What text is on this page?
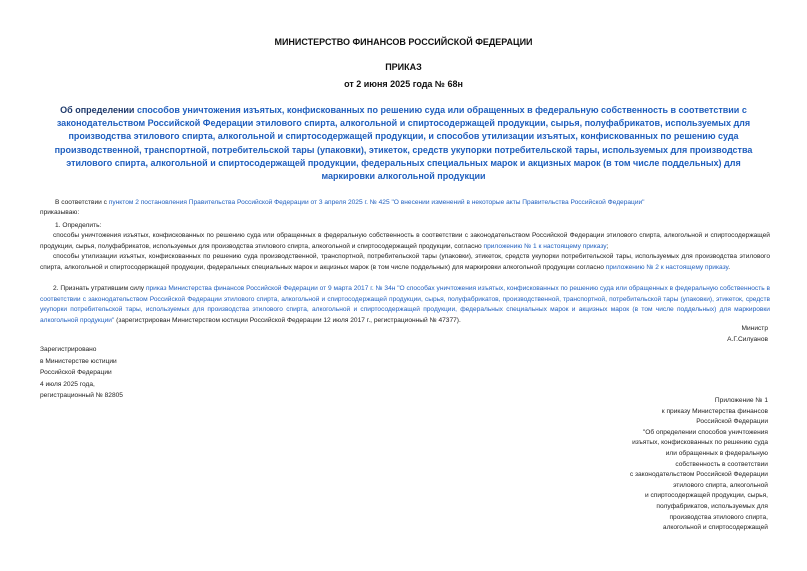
МИНИСТЕРСТВО ФИНАНСОВ РОССИЙСКОЙ ФЕДЕРАЦИИ
ПРИКАЗ
от 2 июня 2025 года № 68н
Об определении способов уничтожения изъятых, конфискованных по решению суда или обращенных в федеральную собственность в соответствии с законодательством Российской Федерации этилового спирта, алкогольной и спиртосодержащей продукции, сырья, полуфабрикатов, используемых для производства этилового спирта, алкогольной и спиртосодержащей продукции, и способов утилизации изъятых, конфискованных по решению суда производственной, транспортной, потребительской тары (упаковки), этикеток, средств укупорки потребительской тары, используемых для производства этилового спирта, алкогольной и спиртосодержащей продукции, федеральных специальных марок и акцизных марок (в том числе поддельных) для маркировки алкогольной продукции
В соответствии с пунктом 2 постановления Правительства Российской Федерации от 3 апреля 2025 г. № 425 "О внесении изменений в некоторые акты Правительства Российской Федерации"
приказываю:
1. Определить:
способы уничтожения изъятых, конфискованных по решению суда или обращенных в федеральную собственность в соответствии с законодательством Российской Федерации этилового спирта, алкогольной и спиртосодержащей продукции, сырья, полуфабрикатов, используемых для производства этилового спирта, алкогольной и спиртосодержащей продукции, согласно приложению № 1 к настоящему приказу;
способы утилизации изъятых, конфискованных по решению суда производственной, транспортной, потребительской тары (упаковки), этикеток, средств укупорки потребительской тары, используемых для производства этилового спирта, алкогольной и спиртосодержащей продукции, федеральных специальных марок и акцизных марок (в том числе поддельных) для маркировки алкогольной продукции согласно приложению № 2 к настоящему приказу.
2. Признать утратившим силу приказ Министерства финансов Российской Федерации от 9 марта 2017 г. № 34н "О способах уничтожения изъятых, конфискованных по решению суда или обращенных в федеральную собственность в соответствии с законодательством Российской Федерации этилового спирта, алкогольной и спиртосодержащей продукции, сырья, полуфабрикатов, производственной, транспортной, потребительской тары (упаковки), этикеток, средств укупорки потребительской тары, используемых для производства этилового спирта, алкогольной и спиртосодержащей продукции, федеральных специальных марок и акцизных марок (в том числе поддельных) для маркировки алкогольной продукции" (зарегистрирован Министерством юстиции Российской Федерации 12 июля 2017 г., регистрационный № 47377).
Министр
А.Г.Силуанов
Зарегистрировано
в Министерстве юстиции
Российской Федерации
4 июля 2025 года,
регистрационный № 82805
Приложение № 1
к приказу Министерства финансов
Российской Федерации
"Об определении способов уничтожения
изъятых, конфискованных по решению суда
или обращенных в федеральную
собственность в соответствии
с законодательством Российской Федерации
этилового спирта, алкогольной
и спиртосодержащей продукции, сырья,
полуфабрикатов, используемых для
производства этилового спирта,
алкогольной и спиртосодержащей
